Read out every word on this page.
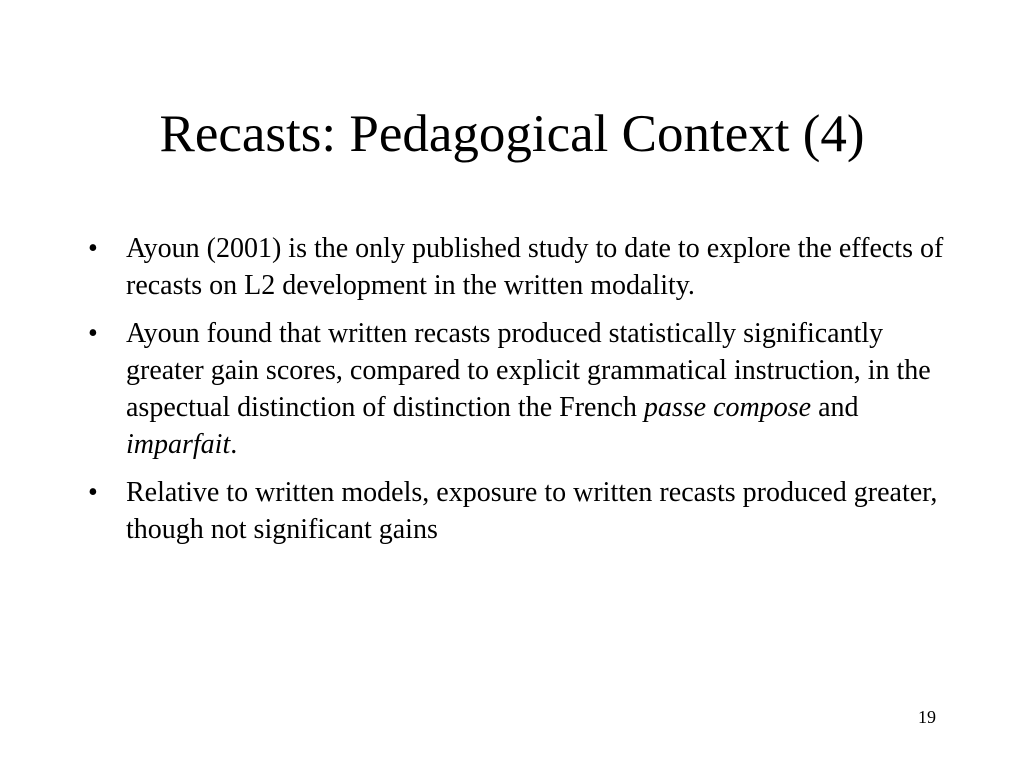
Recasts: Pedagogical Context (4)
•	Ayoun (2001) is the only published study to date to explore the effects of recasts on L2 development in the written modality.
•	Ayoun found that written recasts produced statistically significantly greater gain scores, compared to explicit grammatical instruction, in the aspectual distinction of distinction the French passe compose and imparfait.
•	Relative to written models, exposure to written recasts produced greater, though not significant gains
19
